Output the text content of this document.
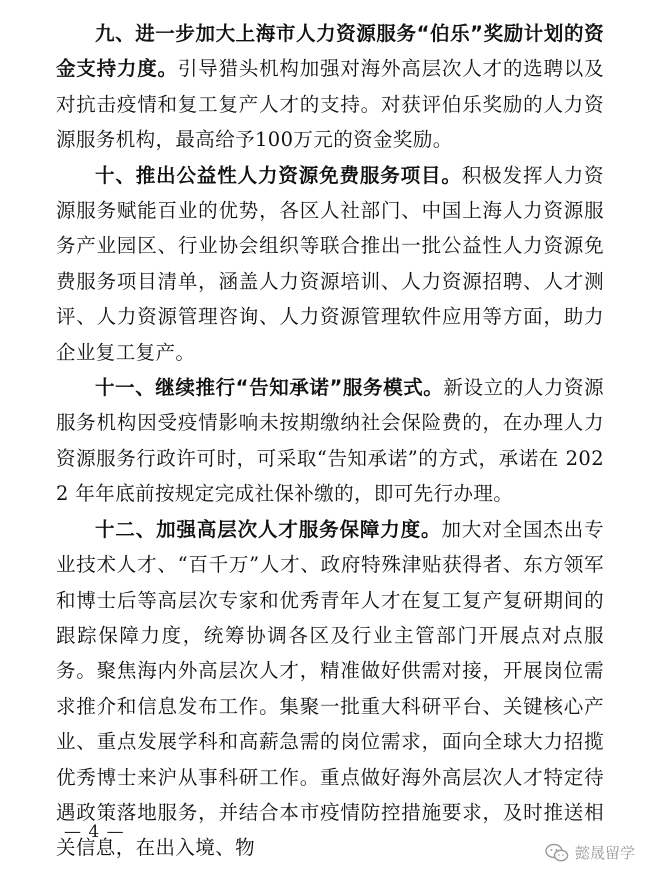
九、进一步加大上海市人力资源服务“伯乐”奖励计划的资金支持力度。引导猎头机构加强对海外高层次人才的选聘以及对抗击疫情和复工复产人才的支持。对获评伯乐奖励的人力资源服务机构，最高给予100万元的资金奖励。

十、推出公益性人力资源免费服务项目。积极发挥人力资源服务赋能百业的优势，各区人社部门、中国上海人力资源服务产业园区、行业协会组织等联合推出一批公益性人力资源免费服务项目清单，涵盖人力资源培训、人力资源招聘、人才测评、人力资源管理咨询、人力资源管理软件应用等方面，助力企业复工复产。

十一、继续推行“告知承诺”服务模式。新设立的人力资源服务机构因受疫情影响未按期缴纳社会保险费的，在办理人力资源服务行政许可时，可采取“告知承诺”的方式，承诺在 2022 年年底前按规定完成社保补缴的，即可先行办理。

十二、加强高层次人才服务保障力度。加大对全国杰出专业技术人才、“百千万”人才、政府特殊津贴获得者、东方领军和博士后等高层次专家和优秀青年人才在复工复产复研期间的跟踪保障力度，统筹协调各区及行业主管部门开展点对点服务。聚焦海内外高层次人才，精准做好供需对接，开展岗位需求推介和信息发布工作。集聚一批重大科研平台、关键核心产业、重点发展学科和高薪急需的岗位需求，面向全球大力招揽优秀博士来沪从事科研工作。重点做好海外高层次人才特定待遇政策落地服务，并结合本市疫情防控措施要求，及时推送相关信息，在出入境、物

— 4 —
懿晟留学
